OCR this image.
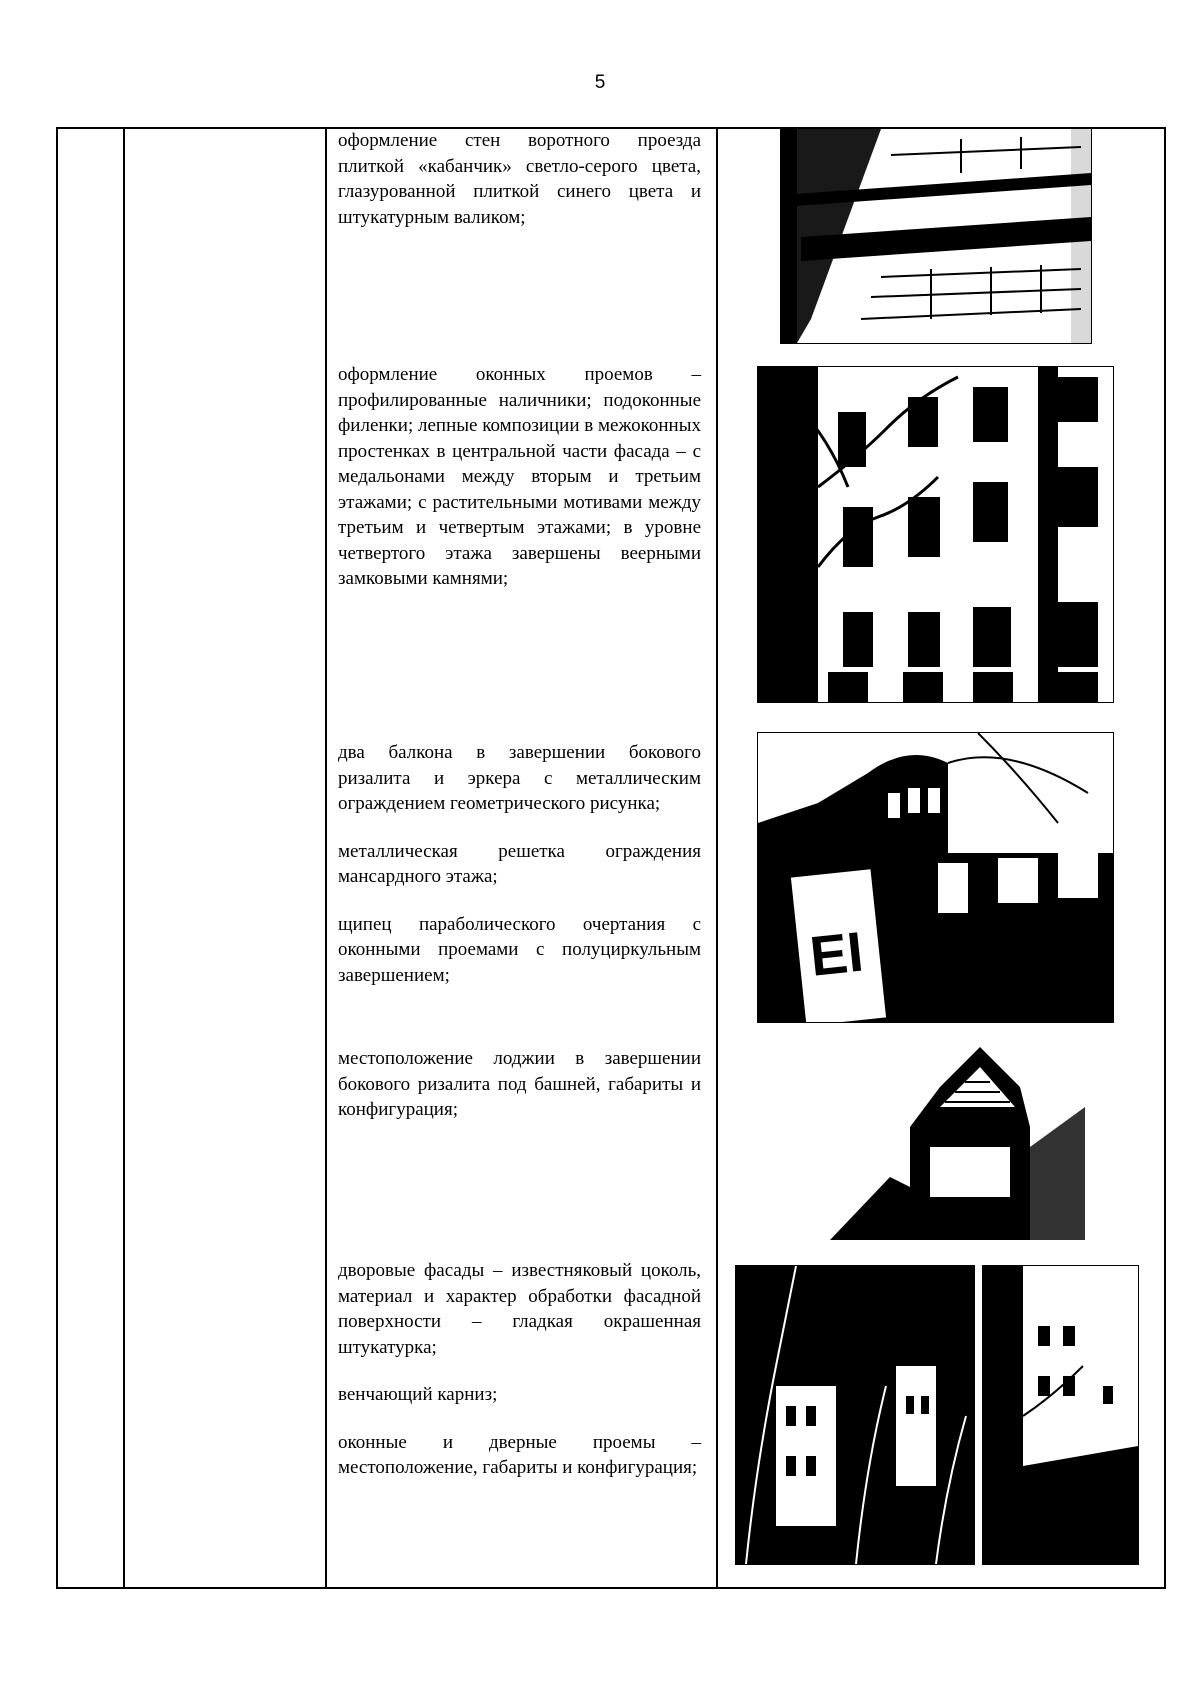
5

оформление стен воротного проезда плиткой «кабанчик» светло-серого цвета, глазурованной плиткой синего цвета и штукатурным валиком;

оформление оконных проемов – профилированные наличники; подоконные филенки; лепные композиции в межоконных простенках в центральной части фасада – с медальонами между вторым и третьим этажами; с растительными мотивами между третьим и четвертым этажами; в уровне четвертого этажа завершены веерными замковыми камнями;

два балкона в завершении бокового ризалита и эркера с металлическим ограждением геометрического рисунка;

металлическая решетка ограждения мансардного этажа;

щипец параболического очертания с оконными проемами с полуциркульным завершением;	ЕI

местоположение лоджии в завершении бокового ризалита под башней, габариты и конфигурация;

дворовые фасады – известняковый цоколь, материал и характер обработки фасадной поверхности – гладкая окрашенная штукатурка;

венчающий карниз;

оконные и дверные проемы – местоположение, габариты и конфигурация;
